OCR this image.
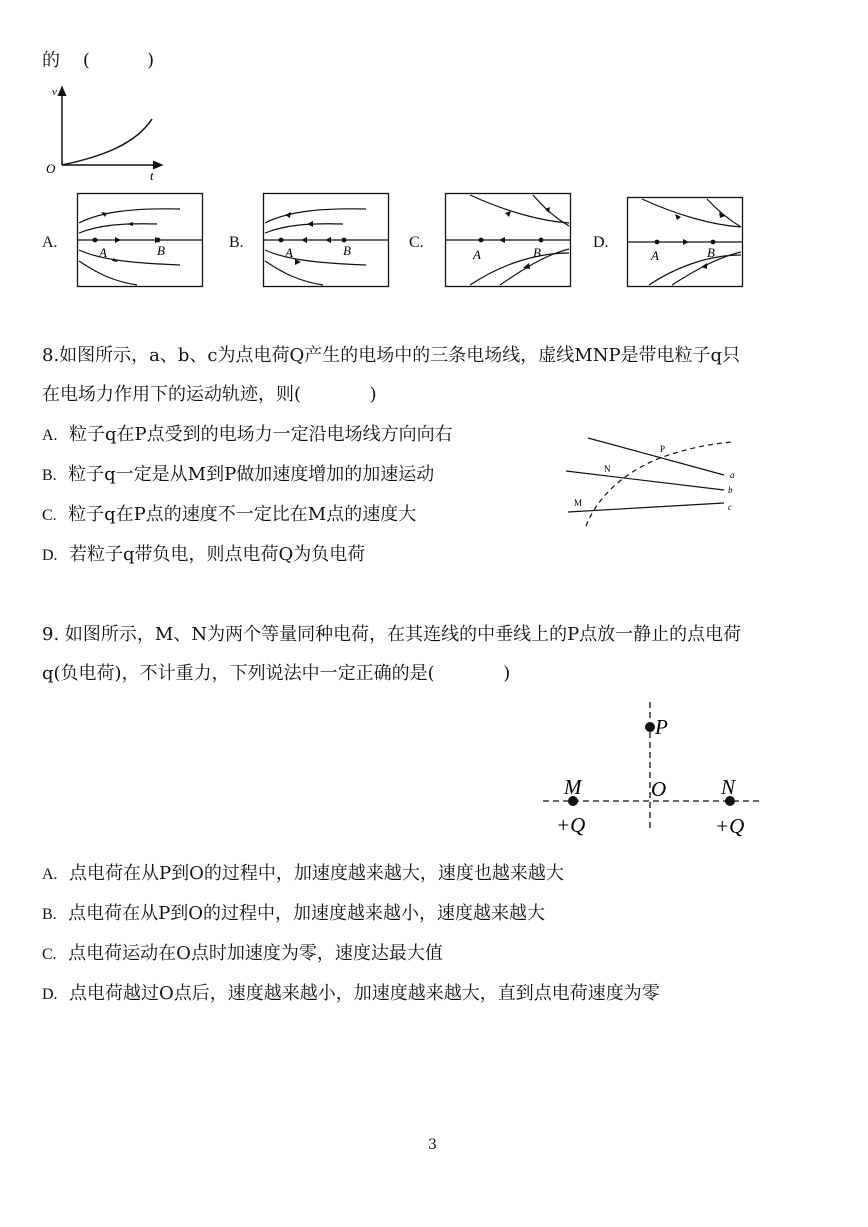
的    (          )
v
O	t
A.
A	B	B.
A	B	C.
A	B
D.
A	B
8.如图所示，a、b、c为点电荷Q产生的电场中的三条电场线，虚线MNP是带电粒子q只
在电场力作用下的运动轨迹，则(            )
A. 粒子q在P点受到的电场力一定沿电场线方向向右
B. 粒子q一定是从M到P做加速度增加的加速运动
C. 粒子q在P点的速度不一定比在M点的速度大
D. 若粒子q带负电，则点电荷Q为负电荷
a
b
c
M
N
P
9. 如图所示，M、N为两个等量同种电荷，在其连线的中垂线上的P点放一静止的点电荷
q(负电荷)，不计重力，下列说法中一定正确的是(            )
P
M	O	N
+Q	+Q
A. 点电荷在从P到O的过程中，加速度越来越大，速度也越来越大
B. 点电荷在从P到O的过程中，加速度越来越小，速度越来越大
C. 点电荷运动在O点时加速度为零，速度达最大值
D. 点电荷越过O点后，速度越来越小，加速度越来越大，直到点电荷速度为零
3
